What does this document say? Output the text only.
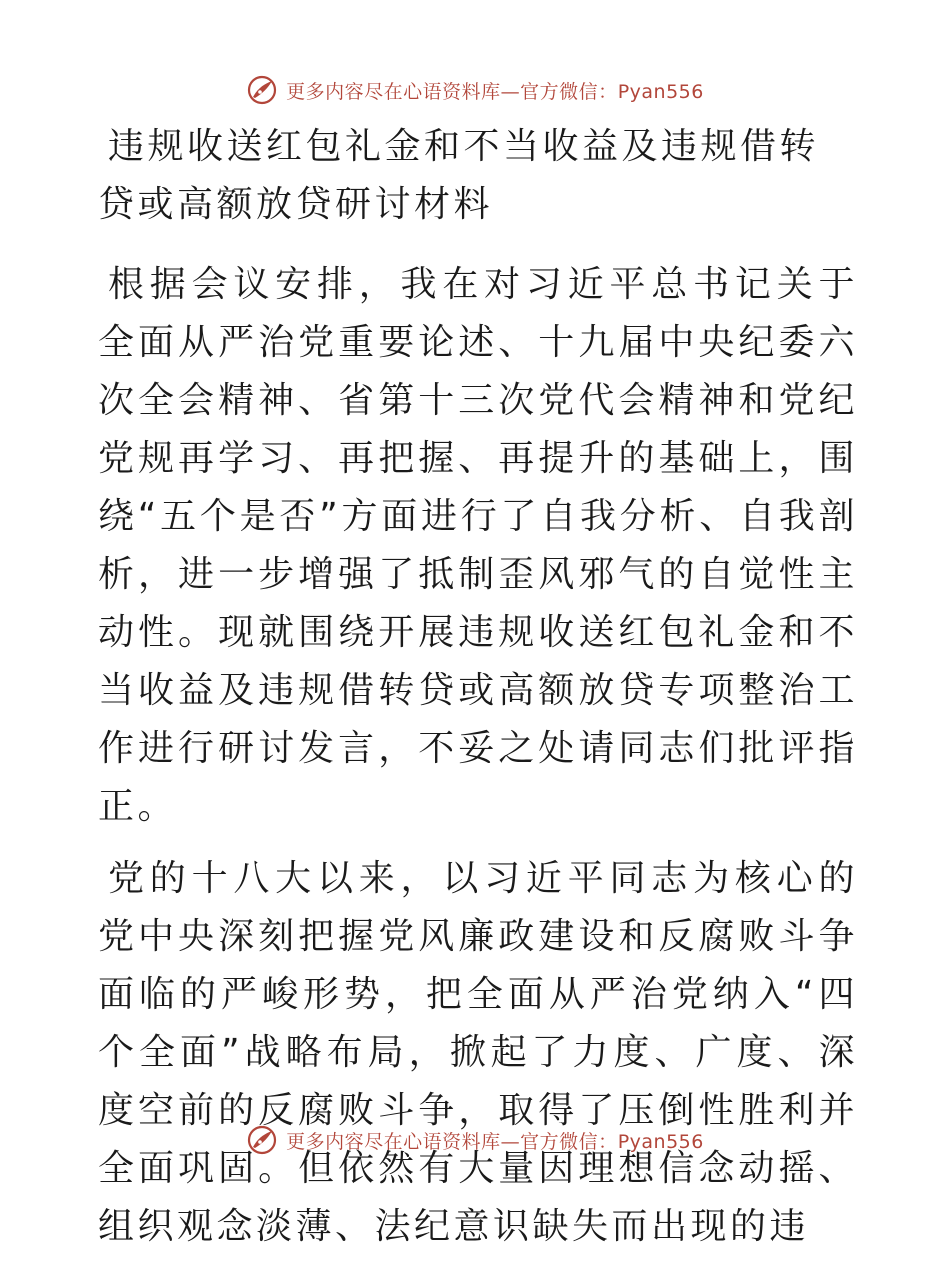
更多内容尽在心语资料库—官方微信：Pyan556

违规收送红包礼金和不当收益及违规借转贷或高额放贷研讨材料

根据会议安排，我在对习近平总书记关于全面从严治党重要论述、十九届中央纪委六次全会精神、省第十三次党代会精神和党纪党规再学习、再把握、再提升的基础上，围绕“五个是否”方面进行了自我分析、自我剖析，进一步增强了抵制歪风邪气的自觉性主动性。现就围绕开展违规收送红包礼金和不当收益及违规借转贷或高额放贷专项整治工作进行研讨发言，不妥之处请同志们批评指正。

党的十八大以来，以习近平同志为核心的党中央深刻把握党风廉政建设和反腐败斗争面临的严峻形势，把全面从严治党纳入“四个全面”战略布局，掀起了力度、广度、深度空前的反腐败斗争，取得了压倒性胜利并全面巩固。但依然有大量因理想信念动摇、组织观念淡薄、法纪意识缺失而出现的违

更多内容尽在心语资料库—官方微信：Pyan556
